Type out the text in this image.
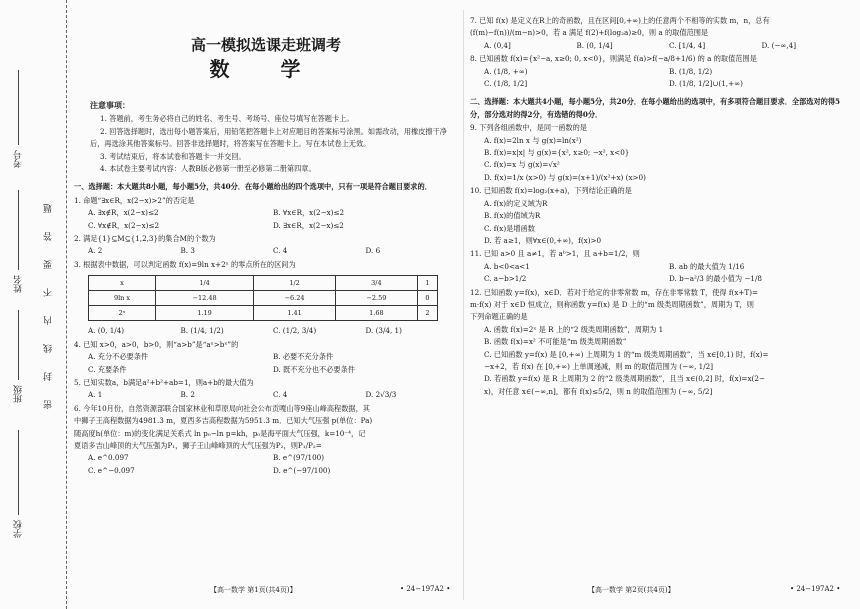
考号
姓名
班级
学校
密
封
线
内
不
要
答
题
高一模拟选课走班调考
数 学
注意事项：
1. 答题前，考生务必将自己的姓名、考生号、考场号、座位号填写在答题卡上。
2. 回答选择题时，选出每小题答案后，用铅笔把答题卡上对应题目的答案标号涂黑。如需改动，用橡皮擦干净后，再选涂其他答案标号。回答非选择题时，将答案写在答题卡上。写在本试卷上无效。
3. 考试结束后，将本试卷和答题卡一并交回。
4. 本试卷主要考试内容：人教B版必修第一册至必修第二册第四章。
一、选择题：本大题共8小题，每小题5分，共40分．在每小题给出的四个选项中，只有一项是符合题目要求的．
1. 命题“∃x∈R，x(2−x)>2”的否定是
A. ∃x∉R，x(2−x)≤2	B. ∀x∈R，x(2−x)≤2
C. ∀x∉R，x(2−x)≤2	D. ∃x∈R，x(2−x)≤2
2. 满足{1}⊆M⊆{1,2,3}的集合M的个数为
A. 2	B. 3	C. 4	D. 6
3. 根据表中数据，可以判定函数 f(x)=9ln x+2ˣ 的零点所在的区间为
x	1/4	1/2	3/4	1
9ln x	−12.48	−6.24	−2.59	0
2ˣ	1.19	1.41	1.68	2
A. (0, 1/4)	B. (1/4, 1/2)	C. (1/2, 3/4)	D. (3/4, 1)
4. 已知 x>0，a>0，b>0，则“a>b”是“aˣ>bˣ”的
A. 充分不必要条件	B. 必要不充分条件
C. 充要条件	D. 既不充分也不必要条件
5. 已知实数a，b满足a²+b²+ab=1，则a+b的最大值为
A. 1	B. 2	C. 4	D. 2√3/3
6. 今年10月份，自然资源部联合国家林业和草原局向社会公布贡嘎山等9座山峰高程数据，其
中狮子王高程数据为4981.3 m，夏西多吉高程数据为5951.3 m．已知大气压强 p(单位：Pa)
随高度h(单位：m)的变化满足关系式 ln p₀−ln p=kh，p₀是海平面大气压强，k=10⁻⁴，记
夏语多吉山峰顶的大气压强为P₁，狮子王山峰峰顶的大气压强为P₂，则P₁/P₂=
A. e^0.097	B. e^(97/100)
C. e^−0.097	D. e^(−97/100)
7. 已知 f(x) 是定义在R上的奇函数，且在区间[0,+∞)上的任意两个不相等的实数 m，n，总有
(f(m)−f(n))/(m−n)>0，若 a 满足 f(2)+f(log₂a)≥0，则 a 的取值范围是
A. (0,4]	B. (0, 1/4]	C. [1/4, 4]	D. (−∞,4]
8. 已知函数 f(x)={x²−a, x≥0; 0, x<0}，则满足 f(a)>f(−a/8+1/6) 的 a 的取值范围是
A. (1/8, +∞)	B. (1/8, 1/2)
C. (1/8, 1/2]	D. (1/8, 1/2]∪(1,+∞)
二、选择题：本大题共4小题，每小题5分，共20分．在每小题给出的选项中，有多项符合题目要求．全部选对的得5分，部分选对的得2分，有选错的得0分．
9. 下列各组函数中，是同一函数的是
A. f(x)=2ln x 与 g(x)=ln(x²)
B. f(x)=x|x| 与 g(x)={x², x≥0; −x², x<0}
C. f(x)=x 与 g(x)=√x²
D. f(x)=1/x (x>0) 与 g(x)=(x+1)/(x²+x) (x>0)
10. 已知函数 f(x)=log₂(x+a)，下列结论正确的是
A. f(x)的定义域为R
B. f(x)的值域为R
C. f(x)是增函数
D. 若 a≥1，则∀x∈(0,+∞)，f(x)>0
11. 已知 a>0 且 a≠1，若 aᵇ>1，且 a+b=1/2，则
A. b<0<a<1	B. ab 的最大值为 1/16
C. a−b>1/2	D. b−a²/3 的最小值为 −1/8
12. 已知函数 y=f(x)，x∈D．若对于给定的非零常数 m，存在非零常数 T，使得 f(x+T)=
m·f(x) 对于 x∈D 恒成立，则称函数 y=f(x) 是 D 上的“m 级类周期函数”，周期为 T，则
下列命题正确的是
A. 函数 f(x)=2ˣ 是 R 上的“2 级类周期函数”，周期为 1
B. 函数 f(x)=x² 不可能是“m 级类周期函数”
C. 已知函数 y=f(x) 是 [0,+∞) 上周期为 1 的“m 级类周期函数”，当 x∈[0,1) 时，f(x)=
−x+2，若 f(x) 在 [0,+∞) 上单调递减，则 m 的取值范围为 (−∞, 1/2]
D. 若函数 y=f(x) 是 R 上周期为 2 的“2 级类周期函数”，且当 x∈(0,2] 时，f(x)=x(2−
x)，对任意 x∈(−∞,n]，都有 f(x)≤5/2，则 n 的取值范围为 (−∞, 5/2]
【高一数学 第1页(共4页)】	• 24−197A2 •	【高一数学 第2页(共4页)】	• 24−197A2 •
